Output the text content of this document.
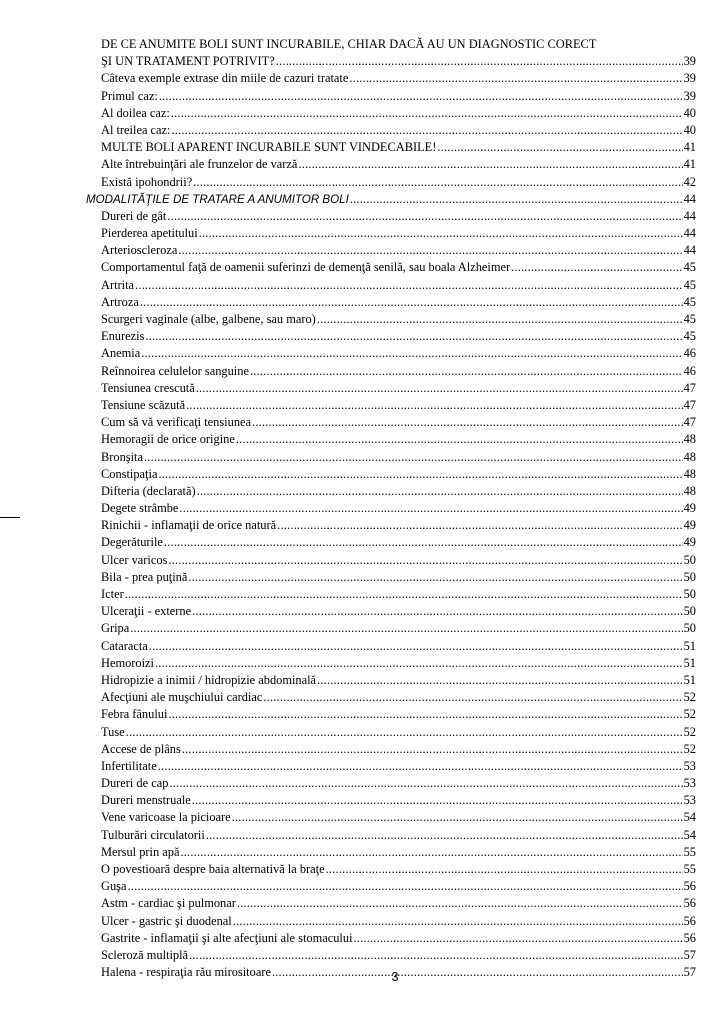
DE CE ANUMITE BOLI SUNT INCURABILE, CHIAR DACĂ AU UN DIAGNOSTIC CORECT
ŞI UN TRATAMENT POTRIVIT? .....	39
Câteva exemple extrase din miile de cazuri tratate .....	39
Primul caz: .....	39
Al doilea caz: .....	40
Al treilea caz: .....	40
MULTE BOLI APARENT INCURABILE SUNT VINDECABILE! .....	41
Alte întrebuinţări ale frunzelor de varză .....	41
Există ipohondrii? .....	42
MODALITĂŢILE DE TRATARE A ANUMITOR BOLI .....	44
Dureri de gât .....	44
Pierderea apetitului .....	44
Arterioscleroza .....	44
Comportamentul faţă de oamenii suferinzi de demenţă senilă, sau boala Alzheimer .....	45
Artrita .....	45
Artroza .....	45
Scurgeri vaginale (albe, galbene, sau maro) .....	45
Enurezis .....	45
Anemia .....	46
Reînnoirea celulelor sanguine .....	46
Tensiunea crescută .....	47
Tensiune scăzută .....	47
Cum să vă verificaţi tensiunea .....	47
Hemoragii de orice origine .....	48
Bronşita .....	48
Constipaţia .....	48
Difteria (declarată) .....	48
Degete strâmbe .....	49
Rinichii - inflamaţii de orice natură .....	49
Degerăturile .....	49
Ulcer varicos .....	50
Bila - prea puţină .....	50
Icter .....	50
Ulceraţii - externe .....	50
Gripa .....	50
Cataracta .....	51
Hemoroizi .....	51
Hidropizie a inimii / hidropizie abdominală .....	51
Afecţiuni ale muşchiului cardiac .....	52
Febra fânului .....	52
Tuse .....	52
Accese de plâns .....	52
Infertilitate .....	53
Dureri de cap .....	53
Dureri menstruale .....	53
Vene varicoase la picioare .....	54
Tulburări circulatorii .....	54
Mersul prin apă .....	55
O povestioară despre baia alternativă la braţe .....	55
Guşa .....	56
Astm - cardiac şi pulmonar .....	56
Ulcer - gastric şi duodenal .....	56
Gastrite - inflamaţii şi alte afecţiuni ale stomacului .....	56
Scleroză multiplă .....	57
Halena - respiraţia rău mirositoare .....	57
3
